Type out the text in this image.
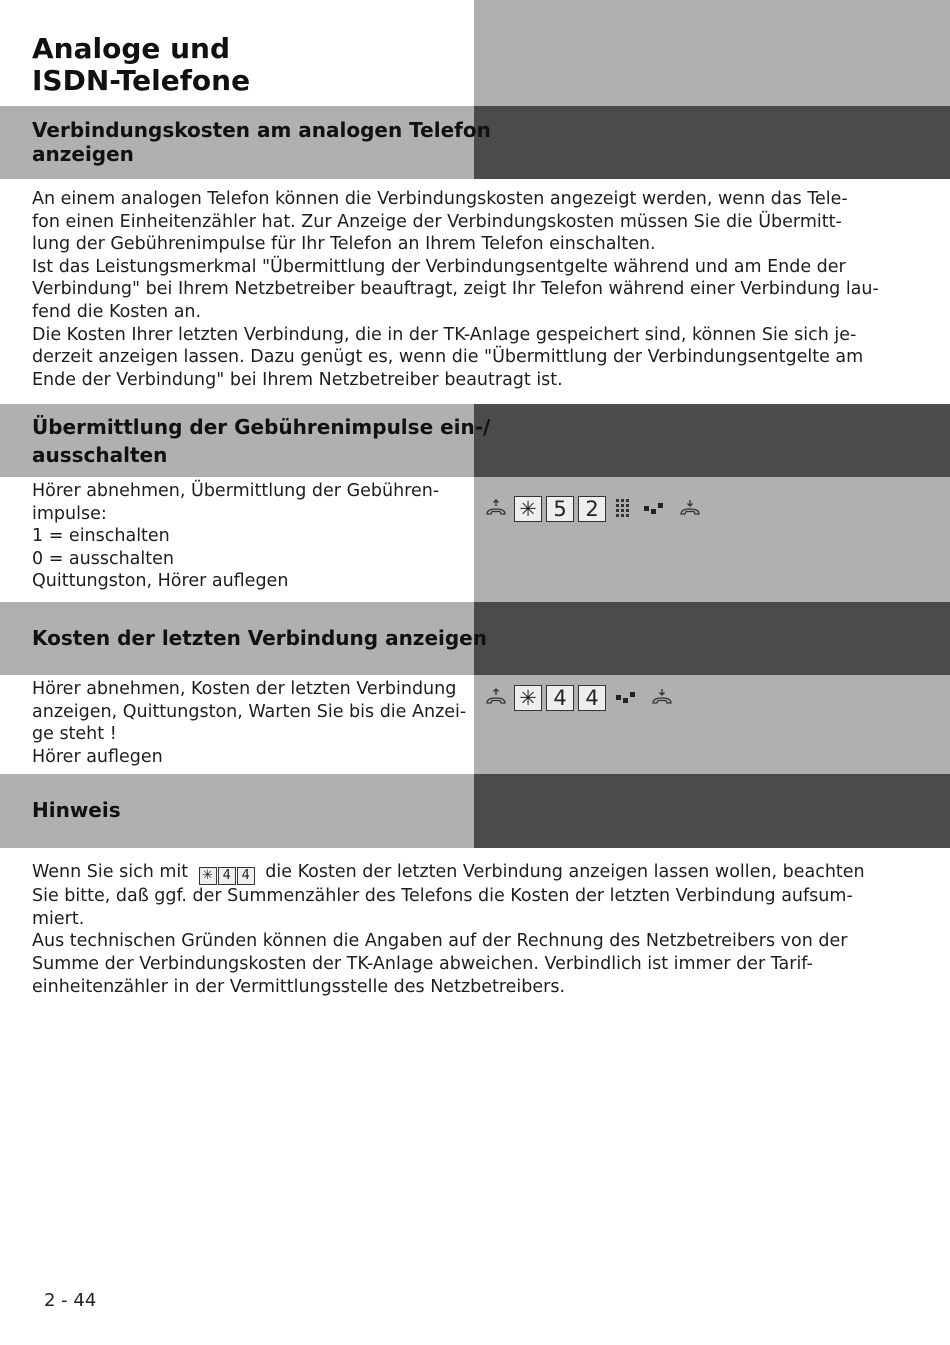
Analoge und
ISDN-Telefone
Verbindungskosten am analogen Telefon
anzeigen
An einem analogen Telefon können die Verbindungskosten angezeigt werden, wenn das Tele-
fon einen Einheitenzähler hat. Zur Anzeige der Verbindungskosten müssen Sie die Übermitt-
lung der Gebührenimpulse für Ihr Telefon an Ihrem Telefon einschalten.
Ist das Leistungsmerkmal "Übermittlung der Verbindungsentgelte während und am Ende der
Verbindung" bei Ihrem Netzbetreiber beauftragt, zeigt Ihr Telefon während einer Verbindung lau-
fend die Kosten an.
Die Kosten Ihrer letzten Verbindung, die in der TK-Anlage gespeichert sind, können Sie sich je-
derzeit anzeigen lassen. Dazu genügt es, wenn die "Übermittlung der Verbindungsentgelte am
Ende der Verbindung" bei Ihrem Netzbetreiber beautragt ist.
Übermittlung der Gebührenimpulse ein-/
ausschalten
Hörer abnehmen, Übermittlung der Gebühren-
impulse:
1 = einschalten
0 = ausschalten
Quittungston, Hörer auflegen
✳ 5 2
Kosten der letzten Verbindung anzeigen
Hörer abnehmen, Kosten der letzten Verbindung
anzeigen, Quittungston, Warten Sie bis die Anzei-
ge steht !
Hörer auflegen
✳ 4 4
Hinweis
Wenn Sie sich mit ✳ 4 4 die Kosten der letzten Verbindung anzeigen lassen wollen, beachten
Sie bitte, daß ggf. der Summenzähler des Telefons die Kosten der letzten Verbindung aufsum-
miert.
Aus technischen Gründen können die Angaben auf der Rechnung des Netzbetreibers von der
Summe der Verbindungskosten der TK-Anlage abweichen. Verbindlich ist immer der Tarif-
einheitenzähler in der Vermittlungsstelle des Netzbetreibers.
2 - 44
